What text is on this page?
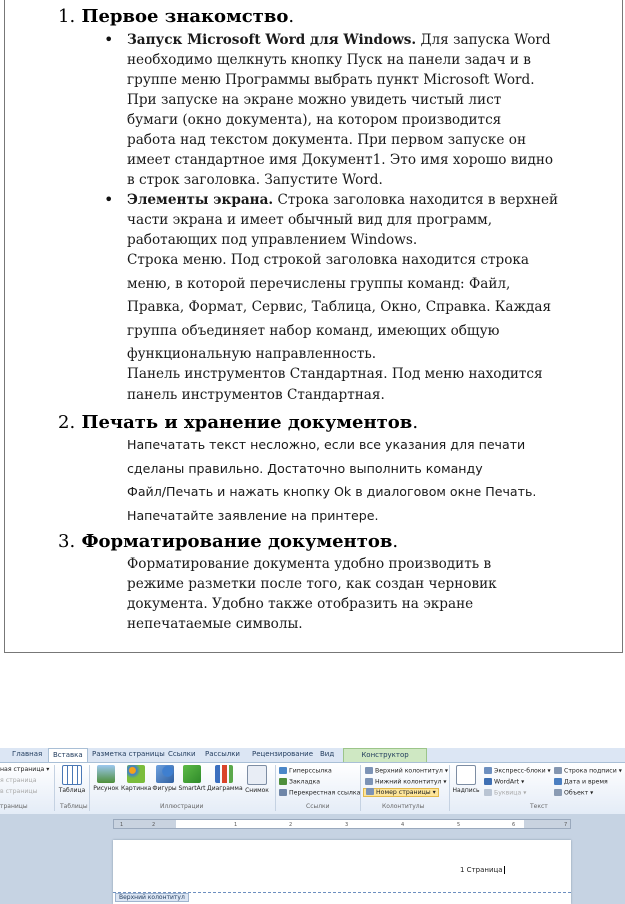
1. Первое знакомство.
• Запуск Microsoft Word для Windows. Для запуска Word
необходимо щелкнуть кнопку Пуск на панели задач и в
группе меню Программы выбрать пункт Microsoft Word.
При запуске на экране можно увидеть чистый лист
бумаги (окно документа), на котором производится
работа над текстом документа. При первом запуске он
имеет стандартное имя Документ1. Это имя хорошо видно
в строк заголовка. Запустите Word.
• Элементы экрана. Строка заголовка находится в верхней
части экрана и имеет обычный вид для программ,
работающих под управлением Windows.
Строка меню. Под строкой заголовка находится строка
меню, в которой перечислены группы команд: Файл,
Правка, Формат, Сервис, Таблица, Окно, Справка. Каждая
группа объединяет набор команд, имеющих общую
функциональную направленность.
Панель инструментов Стандартная. Под меню находится
панель инструментов Стандартная.
2. Печать и хранение документов.
Напечатать текст несложно, если все указания для печати
сделаны правильно. Достаточно выполнить команду
Файл/Печать и нажать кнопку Ok в диалоговом окне Печать.
Напечатайте заявление на принтере.
3. Форматирование документов.
Форматирование документа удобно производить в
режиме разметки после того, как создан черновик
документа. Удобно также отобразить на экране
непечатаемые символы.
Главная	Вставка	Разметка страницы Ссылки Рассылки Рецензирование Вид	Конструктор
ная страница ▾
я страница
в страницы
траницы
Таблица
Таблицы
Рисунок Картинка Фигуры SmartArt Диаграмма Снимок
Иллюстрации
Гиперссылка
Закладка
Перекрестная ссылка
Ссылки
Верхний колонтитул ▾
Нижний колонтитул ▾
Номер страницы ▾
Колонтитулы
Надпись
Экспресс-блоки ▾
WordArt ▾
Буквица ▾
Строка подписи ▾
Дата и время
Объект ▾
Текст
1	2	1	2	3	4	5	6	7
1 Страница
Верхний колонтитул
